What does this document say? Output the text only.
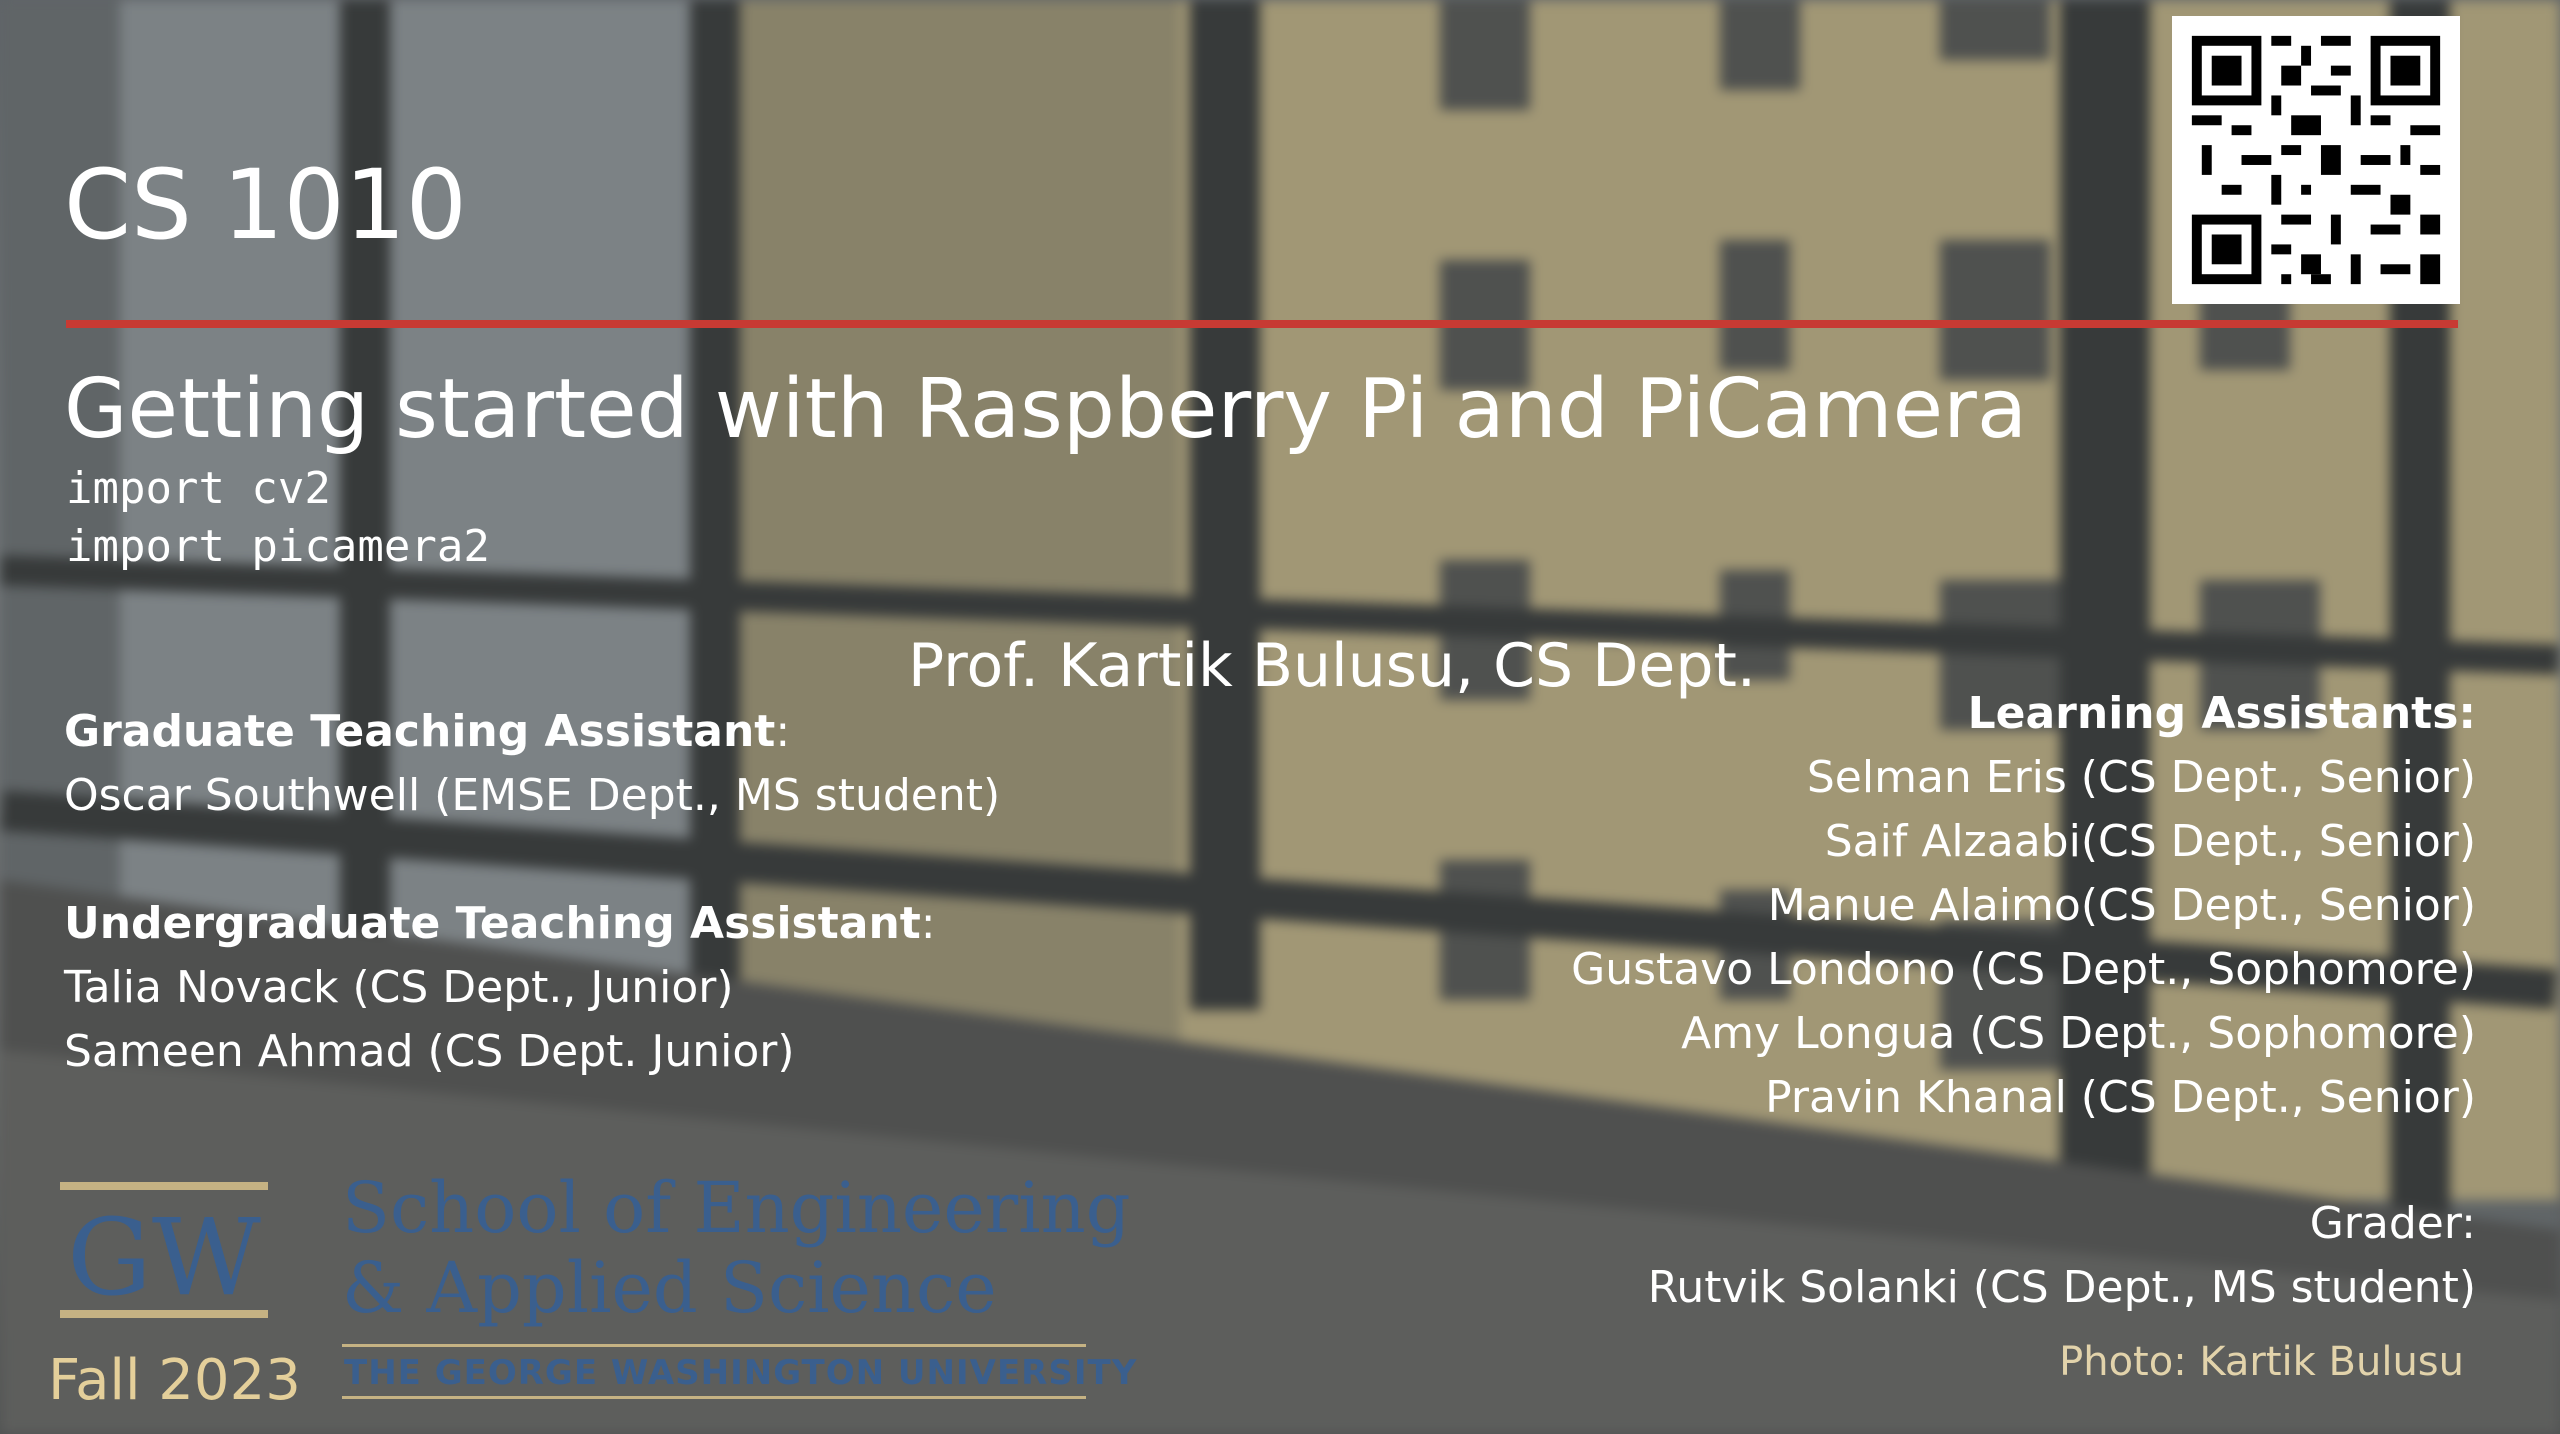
CS 1010
Getting started with Raspberry Pi and PiCamera
import cv2
import picamera2
Prof. Kartik Bulusu, CS Dept.
Graduate Teaching Assistant:
Oscar Southwell (EMSE Dept., MS student)
Undergraduate Teaching Assistant:
Talia Novack (CS Dept., Junior)
Sameen Ahmad (CS Dept. Junior)
Learning Assistants:
Selman Eris (CS Dept., Senior)
Saif Alzaabi(CS Dept., Senior)
Manue Alaimo(CS Dept., Senior)
Gustavo Londono (CS Dept., Sophomore)
Amy Longua (CS Dept., Sophomore)
Pravin Khanal (CS Dept., Senior)
Grader:
Rutvik Solanki (CS Dept., MS student)
Photo: Kartik Bulusu
GW School of Engineering
& Applied Science
THE GEORGE WASHINGTON UNIVERSITY
Fall 2023
